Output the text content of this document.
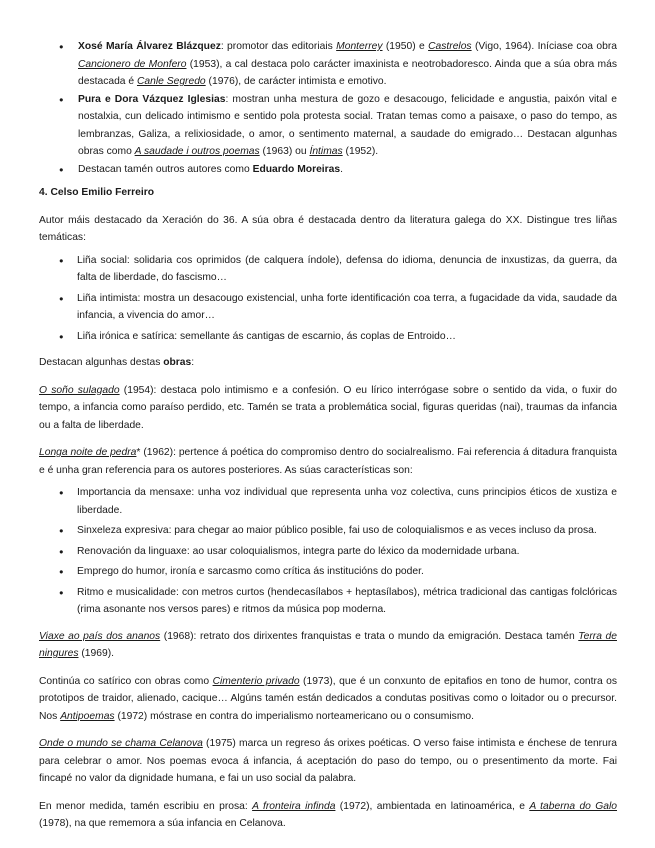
● Xosé María Álvarez Blázquez: promotor das editoriais Monterrey (1950) e Castrelos (Vigo, 1964). Iníciase coa obra Cancionero de Monfero (1953), a cal destaca polo carácter imaxinista e neotrobadoresco. Ainda que a súa obra más destacada é Canle Segredo (1976), de carácter intimista e emotivo.
● Pura e Dora Vázquez Iglesias: mostran unha mestura de gozo e desacougo, felicidade e angustia, paixón vital e nostalxia, cun delicado intimismo e sentido pola protesta social. Tratan temas como a paisaxe, o paso do tempo, as lembranzas, Galiza, a relixiosidade, o amor, o sentimento maternal, a saudade do emigrado… Destacan algunhas obras como A saudade i outros poemas (1963) ou Íntimas (1952).
● Destacan tamén outros autores como Eduardo Moreiras.

4. Celso Emilio Ferreiro

Autor máis destacado da Xeración do 36. A súa obra é destacada dentro da literatura galega do XX. Distingue tres liñas temáticas:

● Liña social: solidaria cos oprimidos (de calquera índole), defensa do idioma, denuncia de inxustizas, da guerra, da falta de liberdade, do fascismo…
● Liña intimista: mostra un desacougo existencial, unha forte identificación coa terra, a fugacidade da vida, saudade da infancia, a vivencia do amor…
● Liña irónica e satírica: semellante ás cantigas de escarnio, ás coplas de Entroido…

Destacan algunhas destas obras:

O soño sulagado (1954): destaca polo intimismo e a confesión. O eu lírico interrógase sobre o sentido da vida, o fuxir do tempo, a infancia como paraíso perdido, etc. Tamén se trata a problemática social, figuras queridas (nai), traumas da infancia ou a falta de liberdade.

Longa noite de pedra* (1962): pertence á poética do compromiso dentro do socialrealismo. Fai referencia á ditadura franquista e é unha gran referencia para os autores posteriores. As súas características son:

● Importancia da mensaxe: unha voz individual que representa unha voz colectiva, cuns principios éticos de xustiza e liberdade.
● Sinxeleza expresiva: para chegar ao maior público posible, fai uso de coloquialismos e as veces incluso da prosa.
● Renovación da linguaxe: ao usar coloquialismos, integra parte do léxico da modernidade urbana.
● Emprego do humor, ironía e sarcasmo como crítica ás institucións do poder.
● Ritmo e musicalidade: con metros curtos (hendecasílabos + heptasílabos), métrica tradicional das cantigas folclóricas (rima asonante nos versos pares) e ritmos da música pop moderna.

Viaxe ao país dos ananos (1968): retrato dos dirixentes franquistas e trata o mundo da emigración. Destaca tamén Terra de ningures (1969).

Continúa co satírico con obras como Cimenterio privado (1973), que é un conxunto de epitafios en tono de humor, contra os prototipos de traidor, alienado, cacique… Algúns tamén están dedicados a condutas positivas como o loitador ou o precursor. Nos Antipoemas (1972) móstrase en contra do imperialismo norteamericano ou o consumismo.

Onde o mundo se chama Celanova (1975) marca un regreso ás orixes poéticas. O verso faise intimista e énchese de tenrura para celebrar o amor. Nos poemas evoca á infancia, á aceptación do paso do tempo, ou o presentimento da morte. Fai fincapé no valor da dignidade humana, e fai un uso social da palabra.

En menor medida, tamén escribiu en prosa: A fronteira infinda (1972), ambientada en latinoamérica, e A taberna do Galo (1978), na que rememora a súa infancia en Celanova.
